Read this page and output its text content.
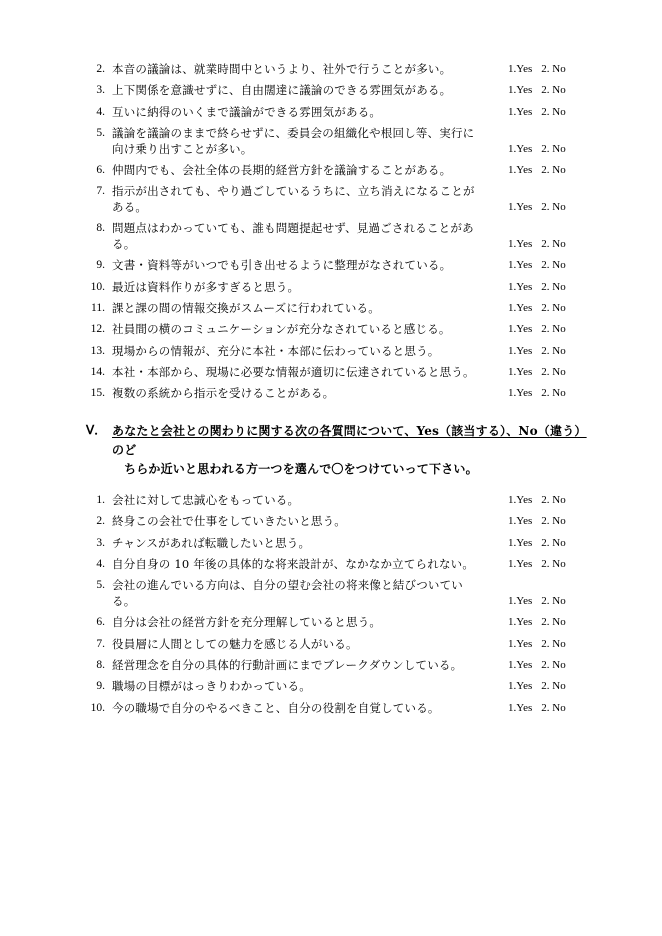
2. 本音の議論は、就業時間中というより、社外で行うことが多い。	1.Yes 2. No
3. 上下関係を意識せずに、自由闊達に議論のできる雰囲気がある。	1.Yes 2. No
4. 互いに納得のいくまで議論ができる雰囲気がある。	1.Yes 2. No
5. 議論を議論のままで終らせずに、委員会の組織化や根回し等、実行に
向け乗り出すことが多い。	1.Yes 2. No
6. 仲間内でも、会社全体の長期的経営方針を議論することがある。	1.Yes 2. No
7. 指示が出されても、やり過ごしているうちに、立ち消えになることが
ある。	1.Yes 2. No
8. 問題点はわかっていても、誰も問題提起せず、見過ごされることがあ
る。	1.Yes 2. No
9. 文書・資料等がいつでも引き出せるように整理がなされている。	1.Yes 2. No
10. 最近は資料作りが多すぎると思う。	1.Yes 2. No
11. 課と課の間の情報交換がスムーズに行われている。	1.Yes 2. No
12. 社員間の横のコミュニケーションが充分なされていると感じる。	1.Yes 2. No
13. 現場からの情報が、充分に本社・本部に伝わっていると思う。	1.Yes 2. No
14. 本社・本部から、現場に必要な情報が適切に伝達されていると思う。	1.Yes 2. No
15. 複数の系統から指示を受けることがある。	1.Yes 2. No
Ⅴ． あなたと会社との関わりに関する次の各質問について、Yes（該当する）、No（違う）のど
ちらか近いと思われる方一つを選んで〇をつけていって下さい。
1. 会社に対して忠誠心をもっている。	1.Yes 2. No
2. 終身この会社で仕事をしていきたいと思う。	1.Yes 2. No
3. チャンスがあれば転職したいと思う。	1.Yes 2. No
4. 自分自身の 10 年後の具体的な将来設計が、なかなか立てられない。	1.Yes 2. No
5. 会社の進んでいる方向は、自分の望む会社の将来像と結びついてい
る。	1.Yes 2. No
6. 自分は会社の経営方針を充分理解していると思う。	1.Yes 2. No
7. 役員層に人間としての魅力を感じる人がいる。	1.Yes 2. No
8. 経営理念を自分の具体的行動計画にまでブレークダウンしている。	1.Yes 2. No
9. 職場の目標がはっきりわかっている。	1.Yes 2. No
10. 今の職場で自分のやるべきこと、自分の役割を自覚している。	1.Yes 2. No
